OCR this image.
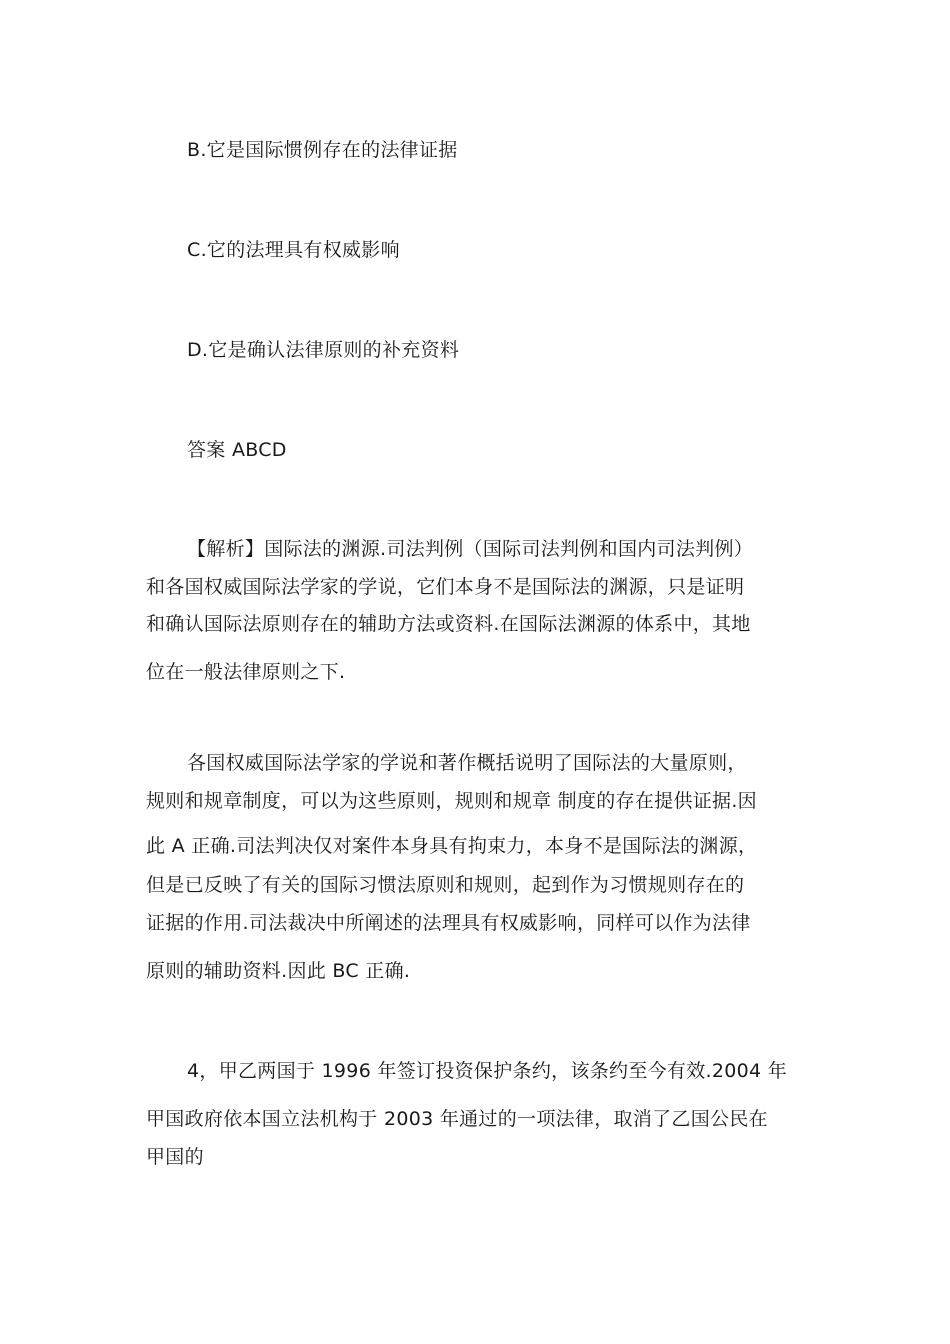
B.它是国际惯例存在的法律证据
C.它的法理具有权威影响
D.它是确认法律原则的补充资料
答案 ABCD
【解析】国际法的渊源.司法判例（国际司法判例和国内司法判例）
和各国权威国际法学家的学说，它们本身不是国际法的渊源，只是证明
和确认国际法原则存在的辅助方法或资料.在国际法渊源的体系中，其地
位在一般法律原则之下.
各国权威国际法学家的学说和著作概括说明了国际法的大量原则，
规则和规章制度，可以为这些原则，规则和规章 制度的存在提供证据.因
此 A 正确.司法判决仅对案件本身具有拘束力，本身不是国际法的渊源，
但是已反映了有关的国际习惯法原则和规则，起到作为习惯规则存在的
证据的作用.司法裁决中所阐述的法理具有权威影响，同样可以作为法律
原则的辅助资料.因此 BC 正确.
4，甲乙两国于 1996 年签订投资保护条约，该条约至今有效.2004 年
甲国政府依本国立法机构于 2003 年通过的一项法律，取消了乙国公民在
甲国的
